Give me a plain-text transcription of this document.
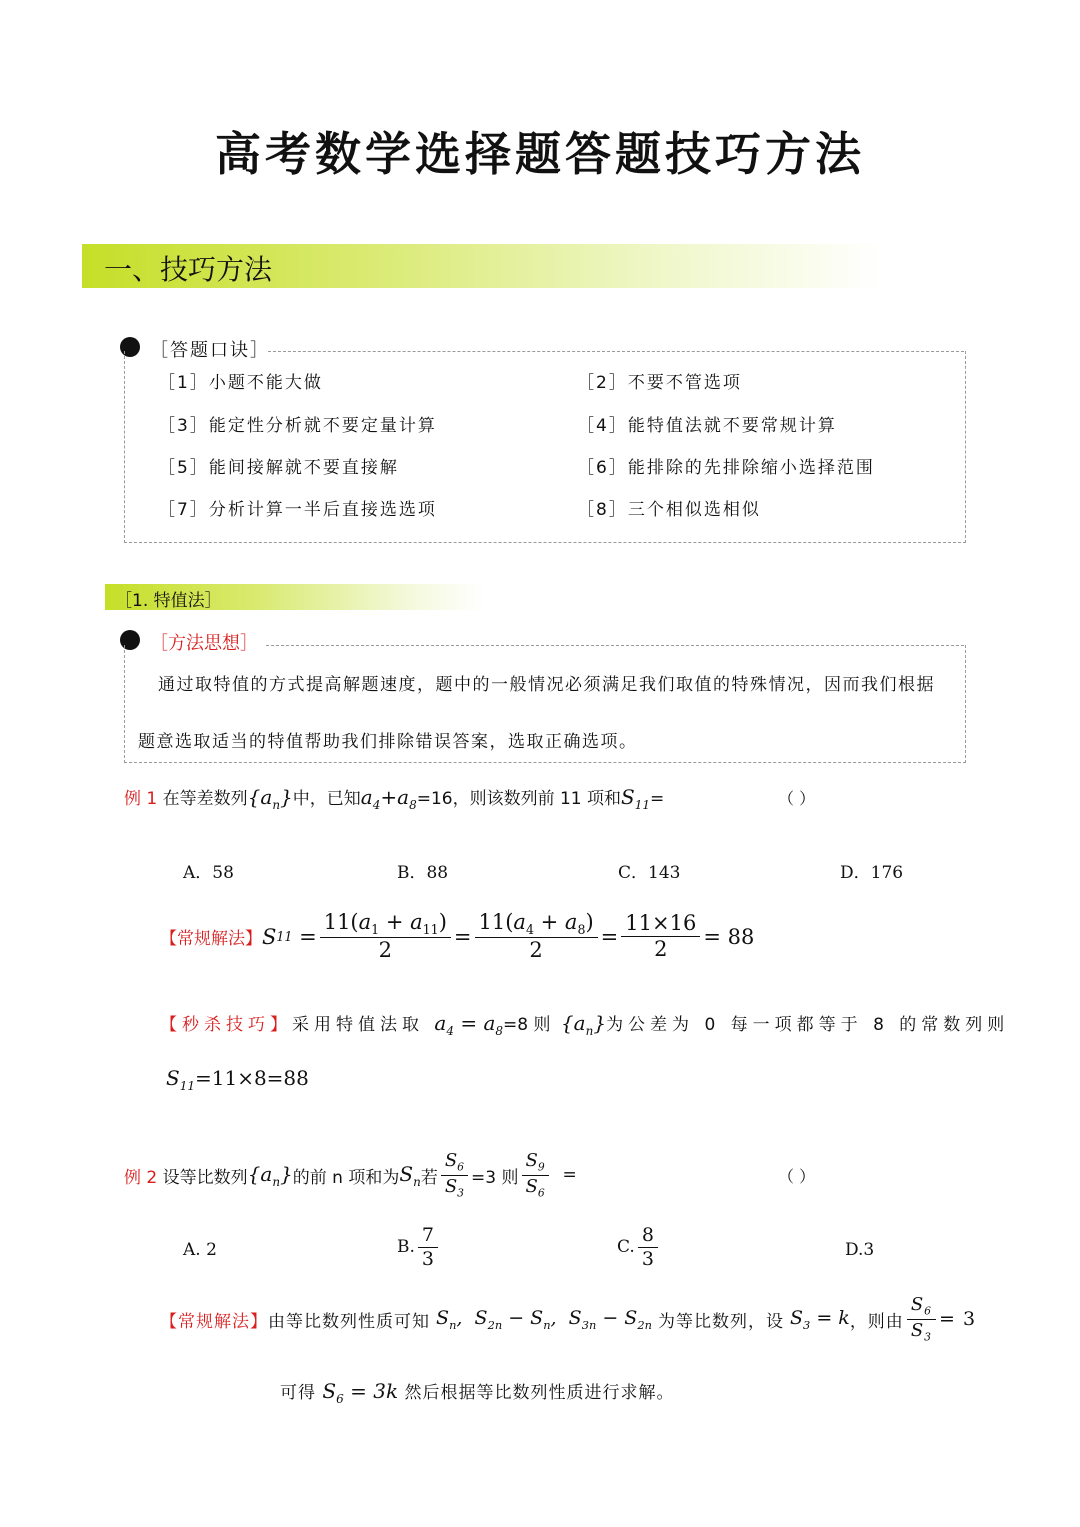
高考数学选择题答题技巧方法
一、技巧方法
［答题口诀］
［1］小题不能大做	［2］不要不管选项
［3］能定性分析就不要定量计算	［4］能特值法就不要常规计算
［5］能间接解就不要直接解	［6］能排除的先排除缩小选择范围
［7］分析计算一半后直接选选项	［8］三个相似选相似
［1. 特值法］
［方法思想］
通过取特值的方式提高解题速度，题中的一般情况必须满足我们取值的特殊情况，因而我们根据
题意选取适当的特值帮助我们排除错误答案，选取正确选项。
例 1 在等差数列$\{a_n\}$中，已知$a_4+a_8=16$，则该数列前 11 项和$S_{11}=$	（ ）
A．58	B．88	C．143	D．176
【常规解法】 S $11 = \frac{11(a_1 + a_{11})}{2} = \frac{11(a_4 + a_8)}{2} = \frac{11\times 16}{2} = 88$
【秒杀技巧】采用特值法取 $a_4 = a_8=8$ 则 $\{a_n\}$为公差为 0 每一项都等于 8 的常数列则
$S_{11}=11\times 8=88$
例 2
设等比数列 $\{a_n\}$ 的前 n 项和为 $S_n$ 若 $\frac{S_6}{S_3} =3$ 则 $\frac{S_9}{S_6}$
=	（ ）
A. 2	B. $\frac{7}{3}$	C. $\frac{8}{3}$	D.3
【常规解法】 由等比数列性质可知 $S_n$,  $S_{2n} - S_n$,  $S_{3n} - S_{2n}$ 为等比数列，设 $S_3 = k$ ，则由 $\frac{S_6}{S_3} = 3$
可得 $S_6 = 3k$ 然后根据等比数列性质进行求解。
